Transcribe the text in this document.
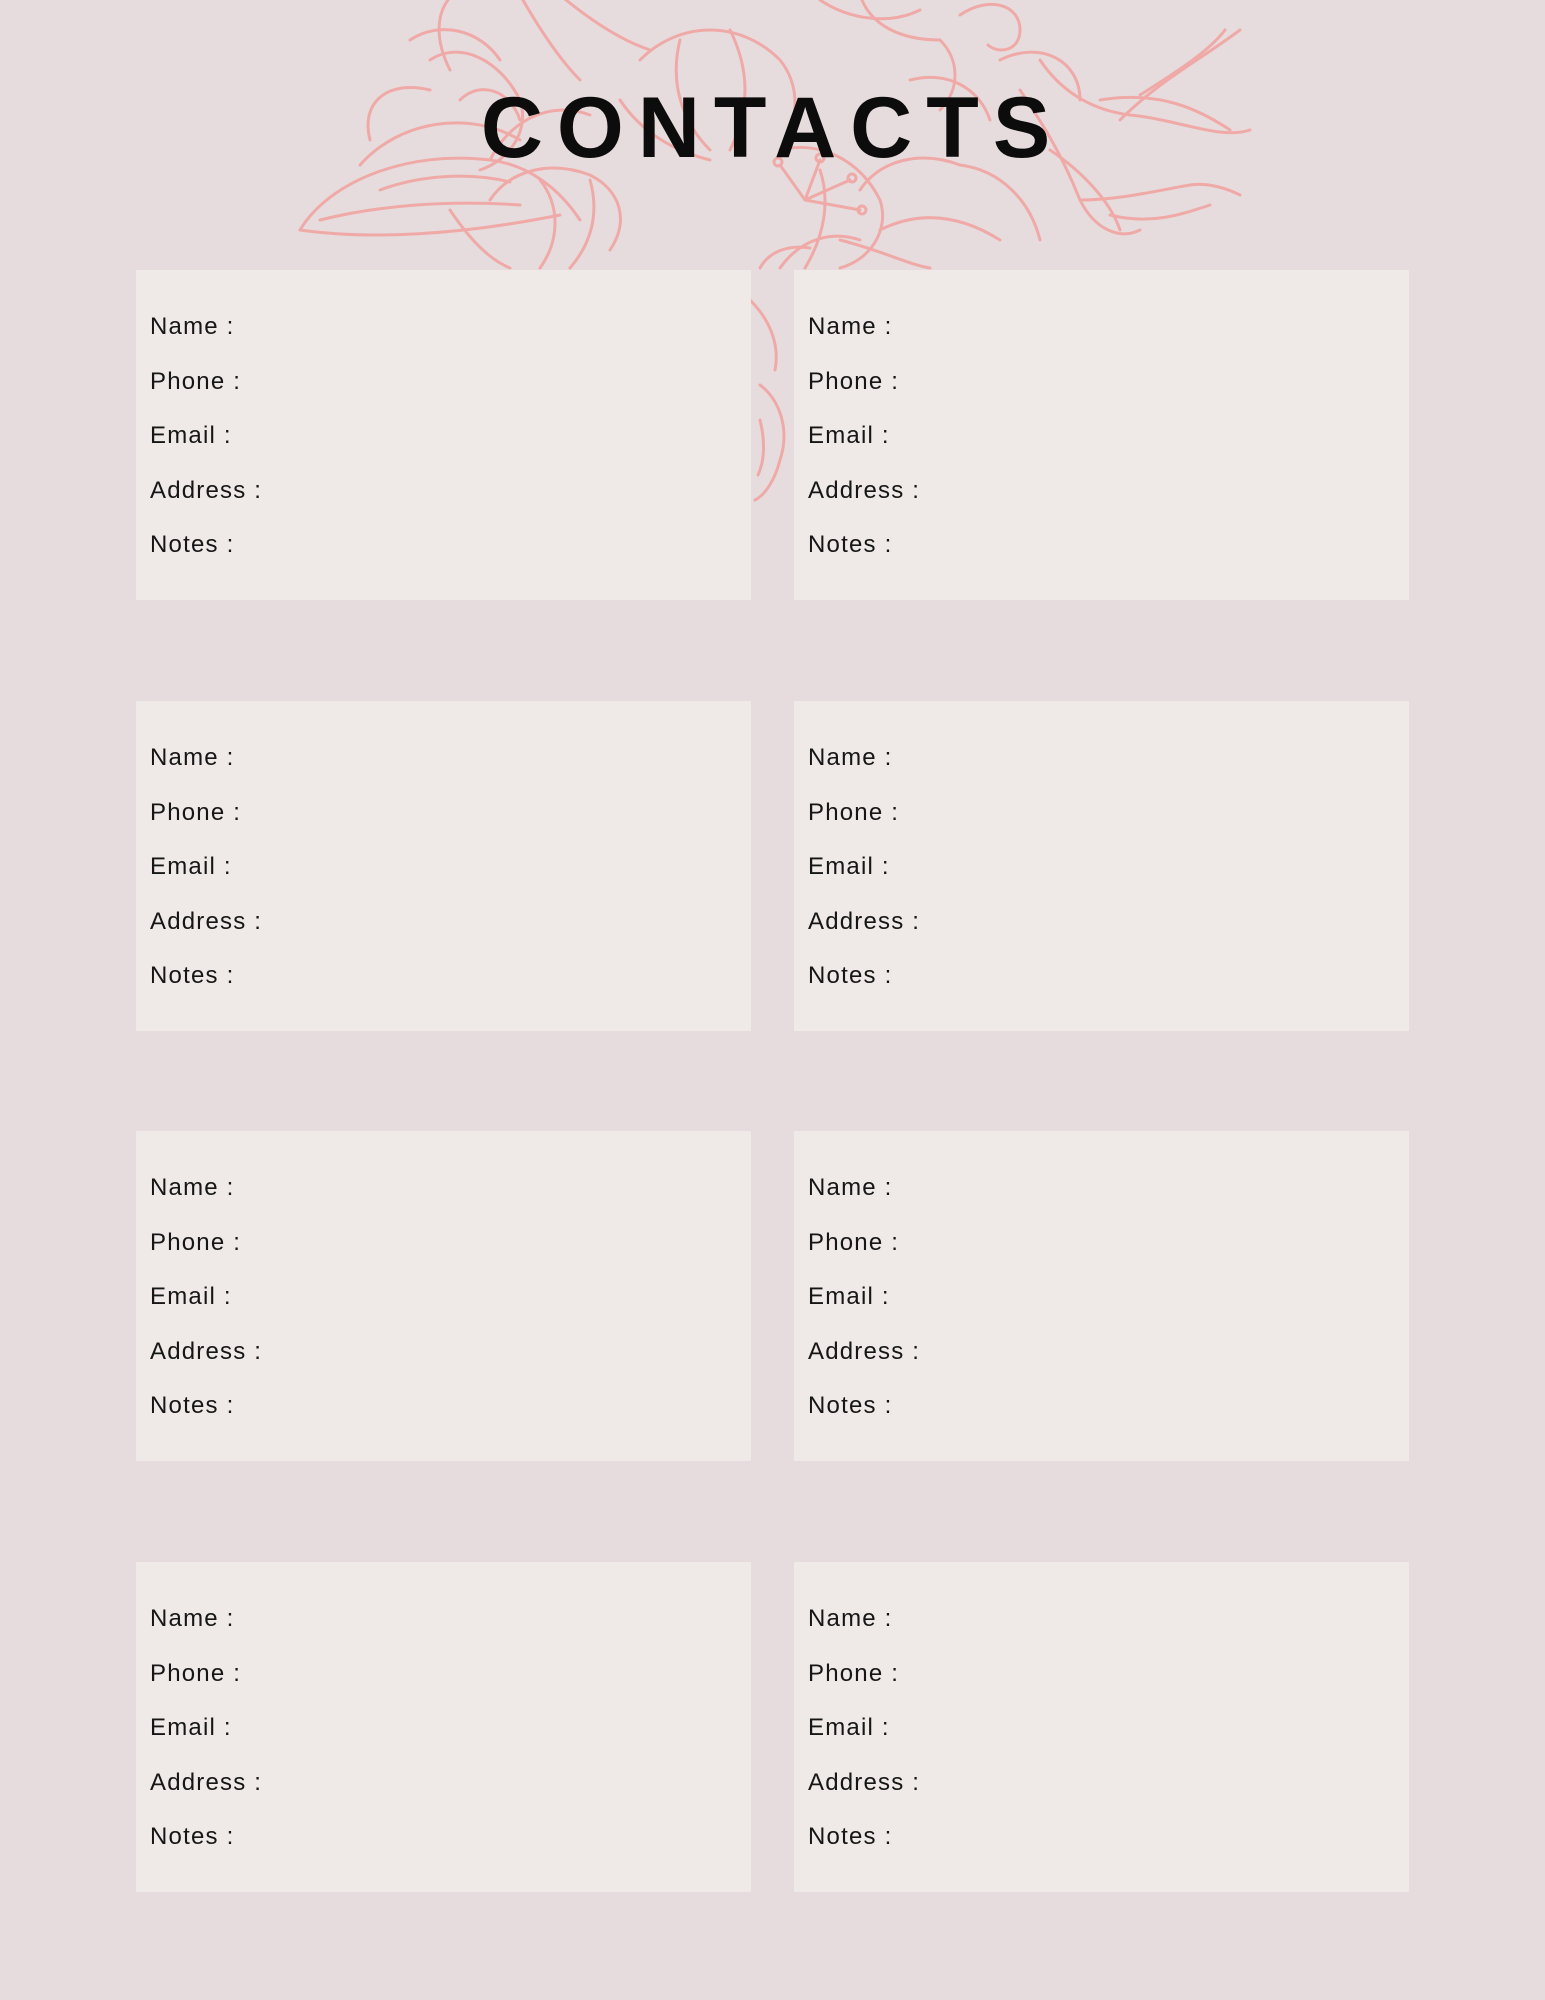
CONTACTS
Name :
Phone :
Email :
Address :
Notes :
Name :
Phone :
Email :
Address :
Notes :
Name :
Phone :
Email :
Address :
Notes :
Name :
Phone :
Email :
Address :
Notes :
Name :
Phone :
Email :
Address :
Notes :
Name :
Phone :
Email :
Address :
Notes :
Name :
Phone :
Email :
Address :
Notes :
Name :
Phone :
Email :
Address :
Notes :
